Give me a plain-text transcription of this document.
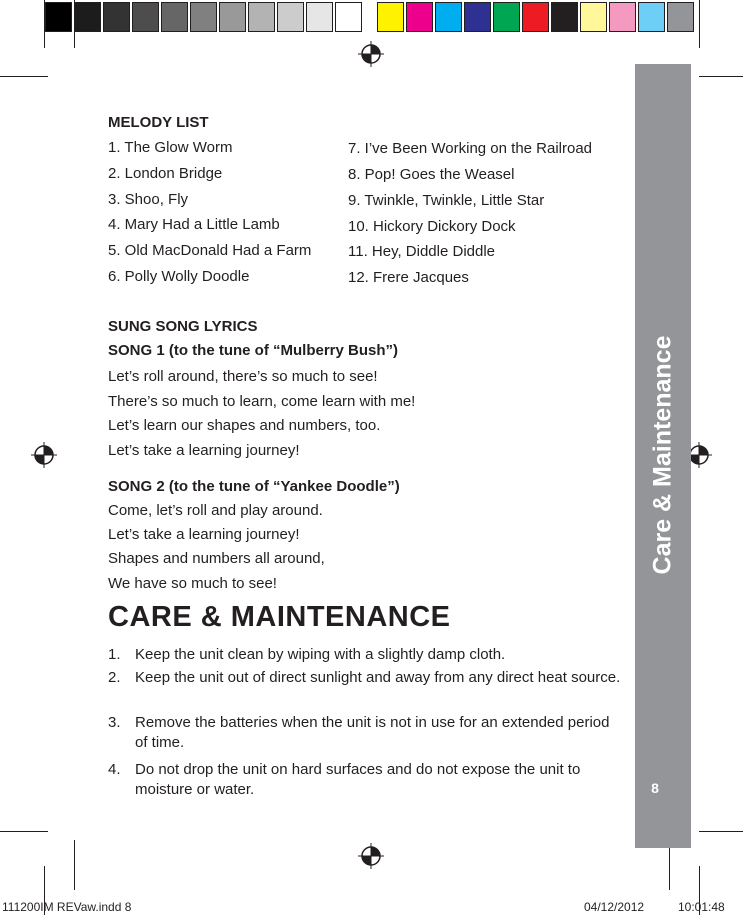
Care & Maintenance
8
MELODY LIST
1. The Glow Worm
2. London Bridge
3. Shoo, Fly
4. Mary Had a Little Lamb
5. Old MacDonald Had a Farm
6. Polly Wolly Doodle
7. I’ve Been Working on the Railroad
8. Pop! Goes the Weasel
9. Twinkle, Twinkle, Little Star
10. Hickory Dickory Dock
11. Hey, Diddle Diddle
12. Frere Jacques
SUNG SONG LYRICS
SONG 1 (to the tune of “Mulberry Bush”)
Let’s roll around, there’s so much to see!
There’s so much to learn, come learn with me!
Let’s learn our shapes and numbers, too.
Let’s take a learning journey!
SONG 2 (to the tune of “Yankee Doodle”)
Come, let’s roll and play around.
Let’s take a learning journey!
Shapes and numbers all around,
We have so much to see!
CARE & MAINTENANCE
1. Keep the unit clean by wiping with a slightly damp cloth.
2. Keep the unit out of direct sunlight and away from any direct heat source.
3. Remove the batteries when the unit is not in use for an extended period of time.
4. Do not drop the unit on hard surfaces and do not expose the unit to moisture or water.
111200IM REVaw.indd 8	04/12/2012	10:01:48
